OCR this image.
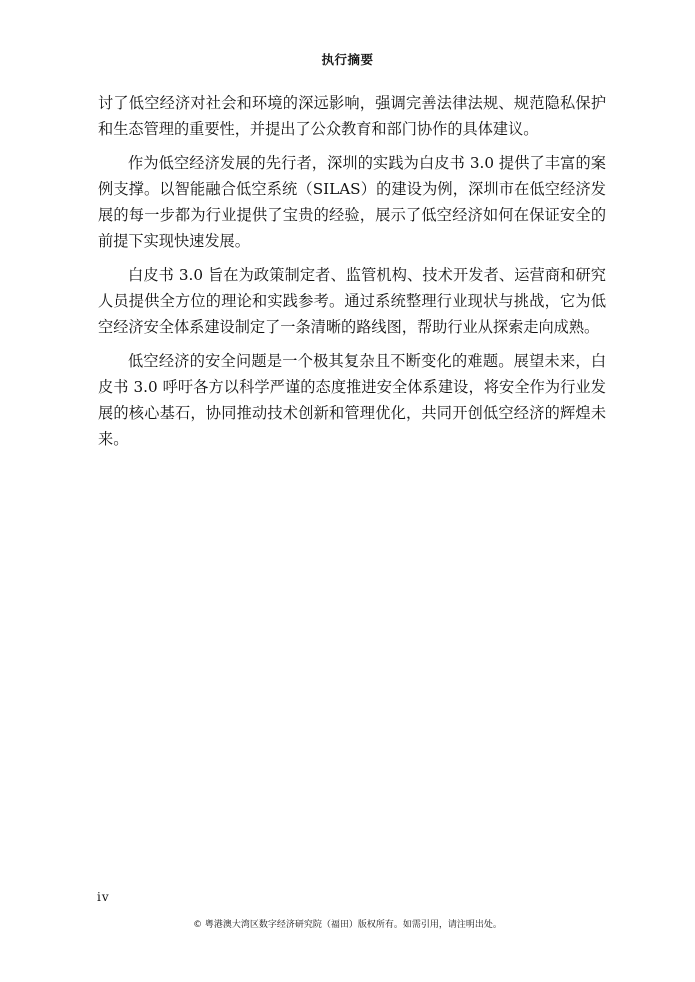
执行摘要

讨了低空经济对社会和环境的深远影响，强调完善法律法规、规范隐私保护和生态管理的重要性，并提出了公众教育和部门协作的具体建议。

作为低空经济发展的先行者，深圳的实践为白皮书 3.0 提供了丰富的案例支撑。以智能融合低空系统（SILAS）的建设为例，深圳市在低空经济发展的每一步都为行业提供了宝贵的经验，展示了低空经济如何在保证安全的前提下实现快速发展。

白皮书 3.0 旨在为政策制定者、监管机构、技术开发者、运营商和研究人员提供全方位的理论和实践参考。通过系统整理行业现状与挑战，它为低空经济安全体系建设制定了一条清晰的路线图，帮助行业从探索走向成熟。

低空经济的安全问题是一个极其复杂且不断变化的难题。展望未来，白皮书 3.0 呼吁各方以科学严谨的态度推进安全体系建设，将安全作为行业发展的核心基石，协同推动技术创新和管理优化，共同开创低空经济的辉煌未来。

iv
© 粤港澳大湾区数字经济研究院（福田）版权所有。如需引用，请注明出处。
